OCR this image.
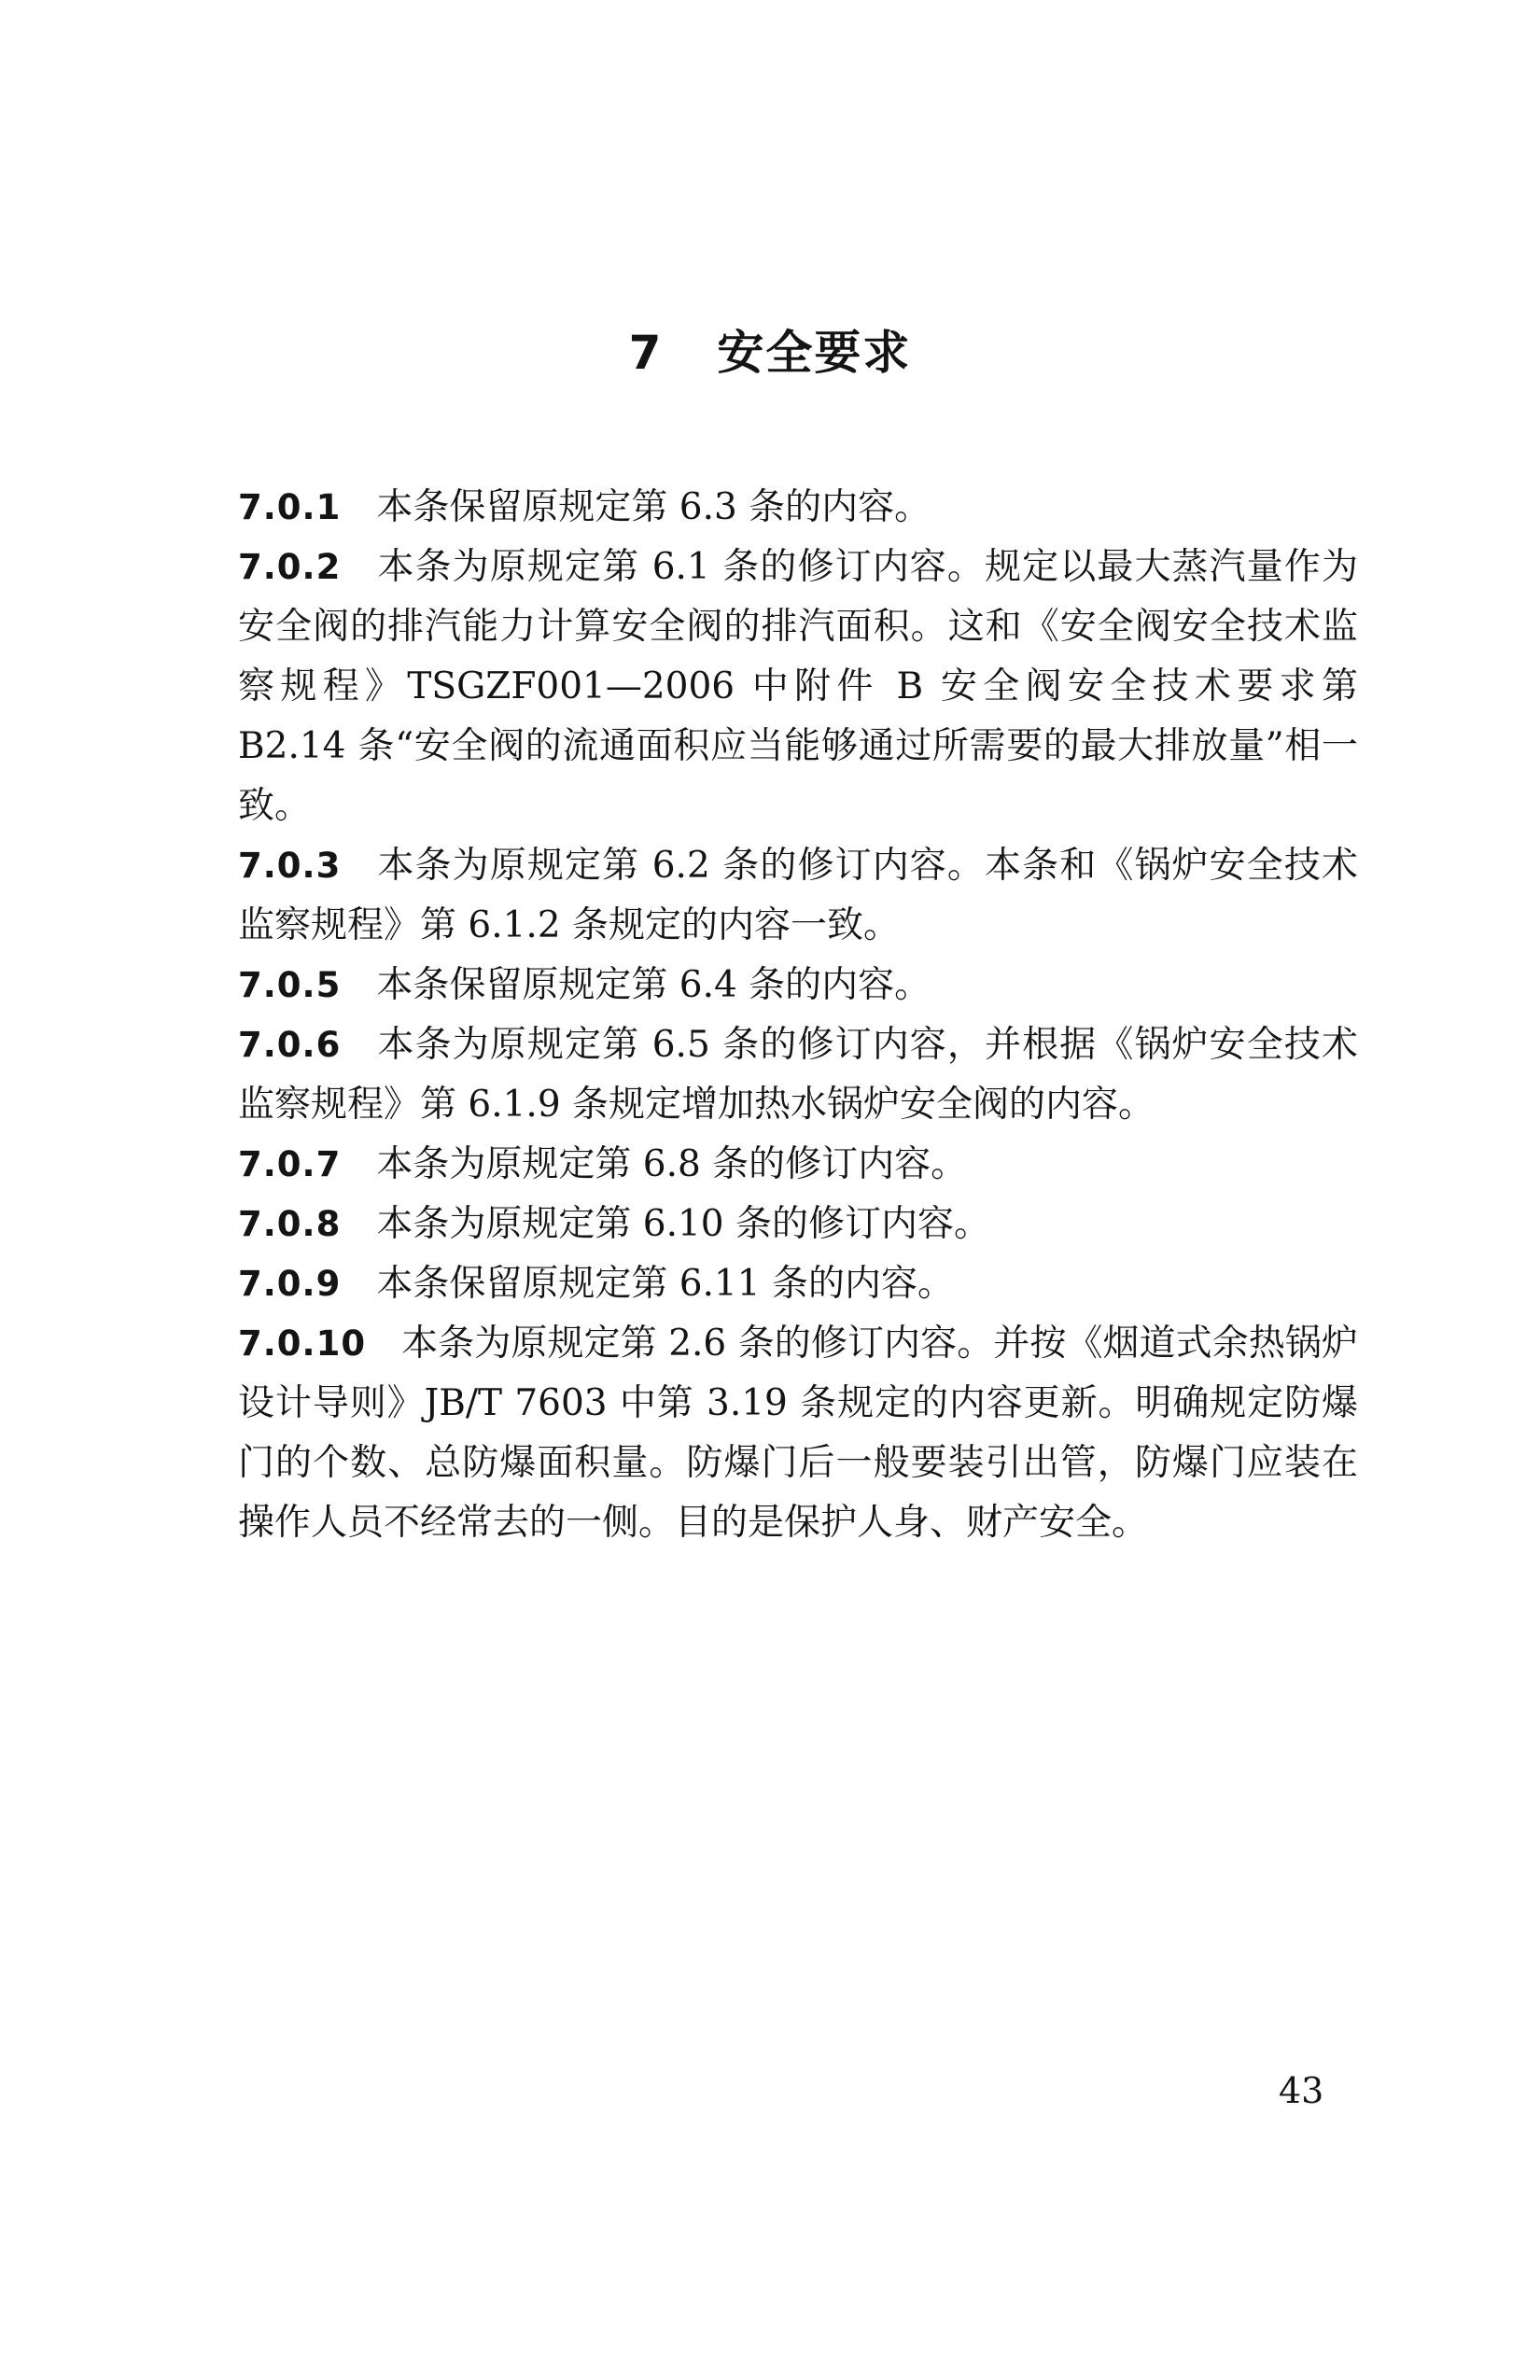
7 安全要求

7.0.1 本条保留原规定第 6.3 条的内容。

7.0.2 本条为原规定第 6.1 条的修订内容。规定以最大蒸汽量作为安全阀的排汽能力计算安全阀的排汽面积。这和《安全阀安全技术监察规程》TSGZF001—2006 中附件 B 安全阀安全技术要求第 B2.14 条“安全阀的流通面积应当能够通过所需要的最大排放量”相一致。

7.0.3 本条为原规定第 6.2 条的修订内容。本条和《锅炉安全技术监察规程》第 6.1.2 条规定的内容一致。

7.0.5 本条保留原规定第 6.4 条的内容。

7.0.6 本条为原规定第 6.5 条的修订内容，并根据《锅炉安全技术监察规程》第 6.1.9 条规定增加热水锅炉安全阀的内容。

7.0.7 本条为原规定第 6.8 条的修订内容。

7.0.8 本条为原规定第 6.10 条的修订内容。

7.0.9 本条保留原规定第 6.11 条的内容。

7.0.10 本条为原规定第 2.6 条的修订内容。并按《烟道式余热锅炉设计导则》JB/T 7603 中第 3.19 条规定的内容更新。明确规定防爆门的个数、总防爆面积量。防爆门后一般要装引出管，防爆门应装在操作人员不经常去的一侧。目的是保护人身、财产安全。

43
